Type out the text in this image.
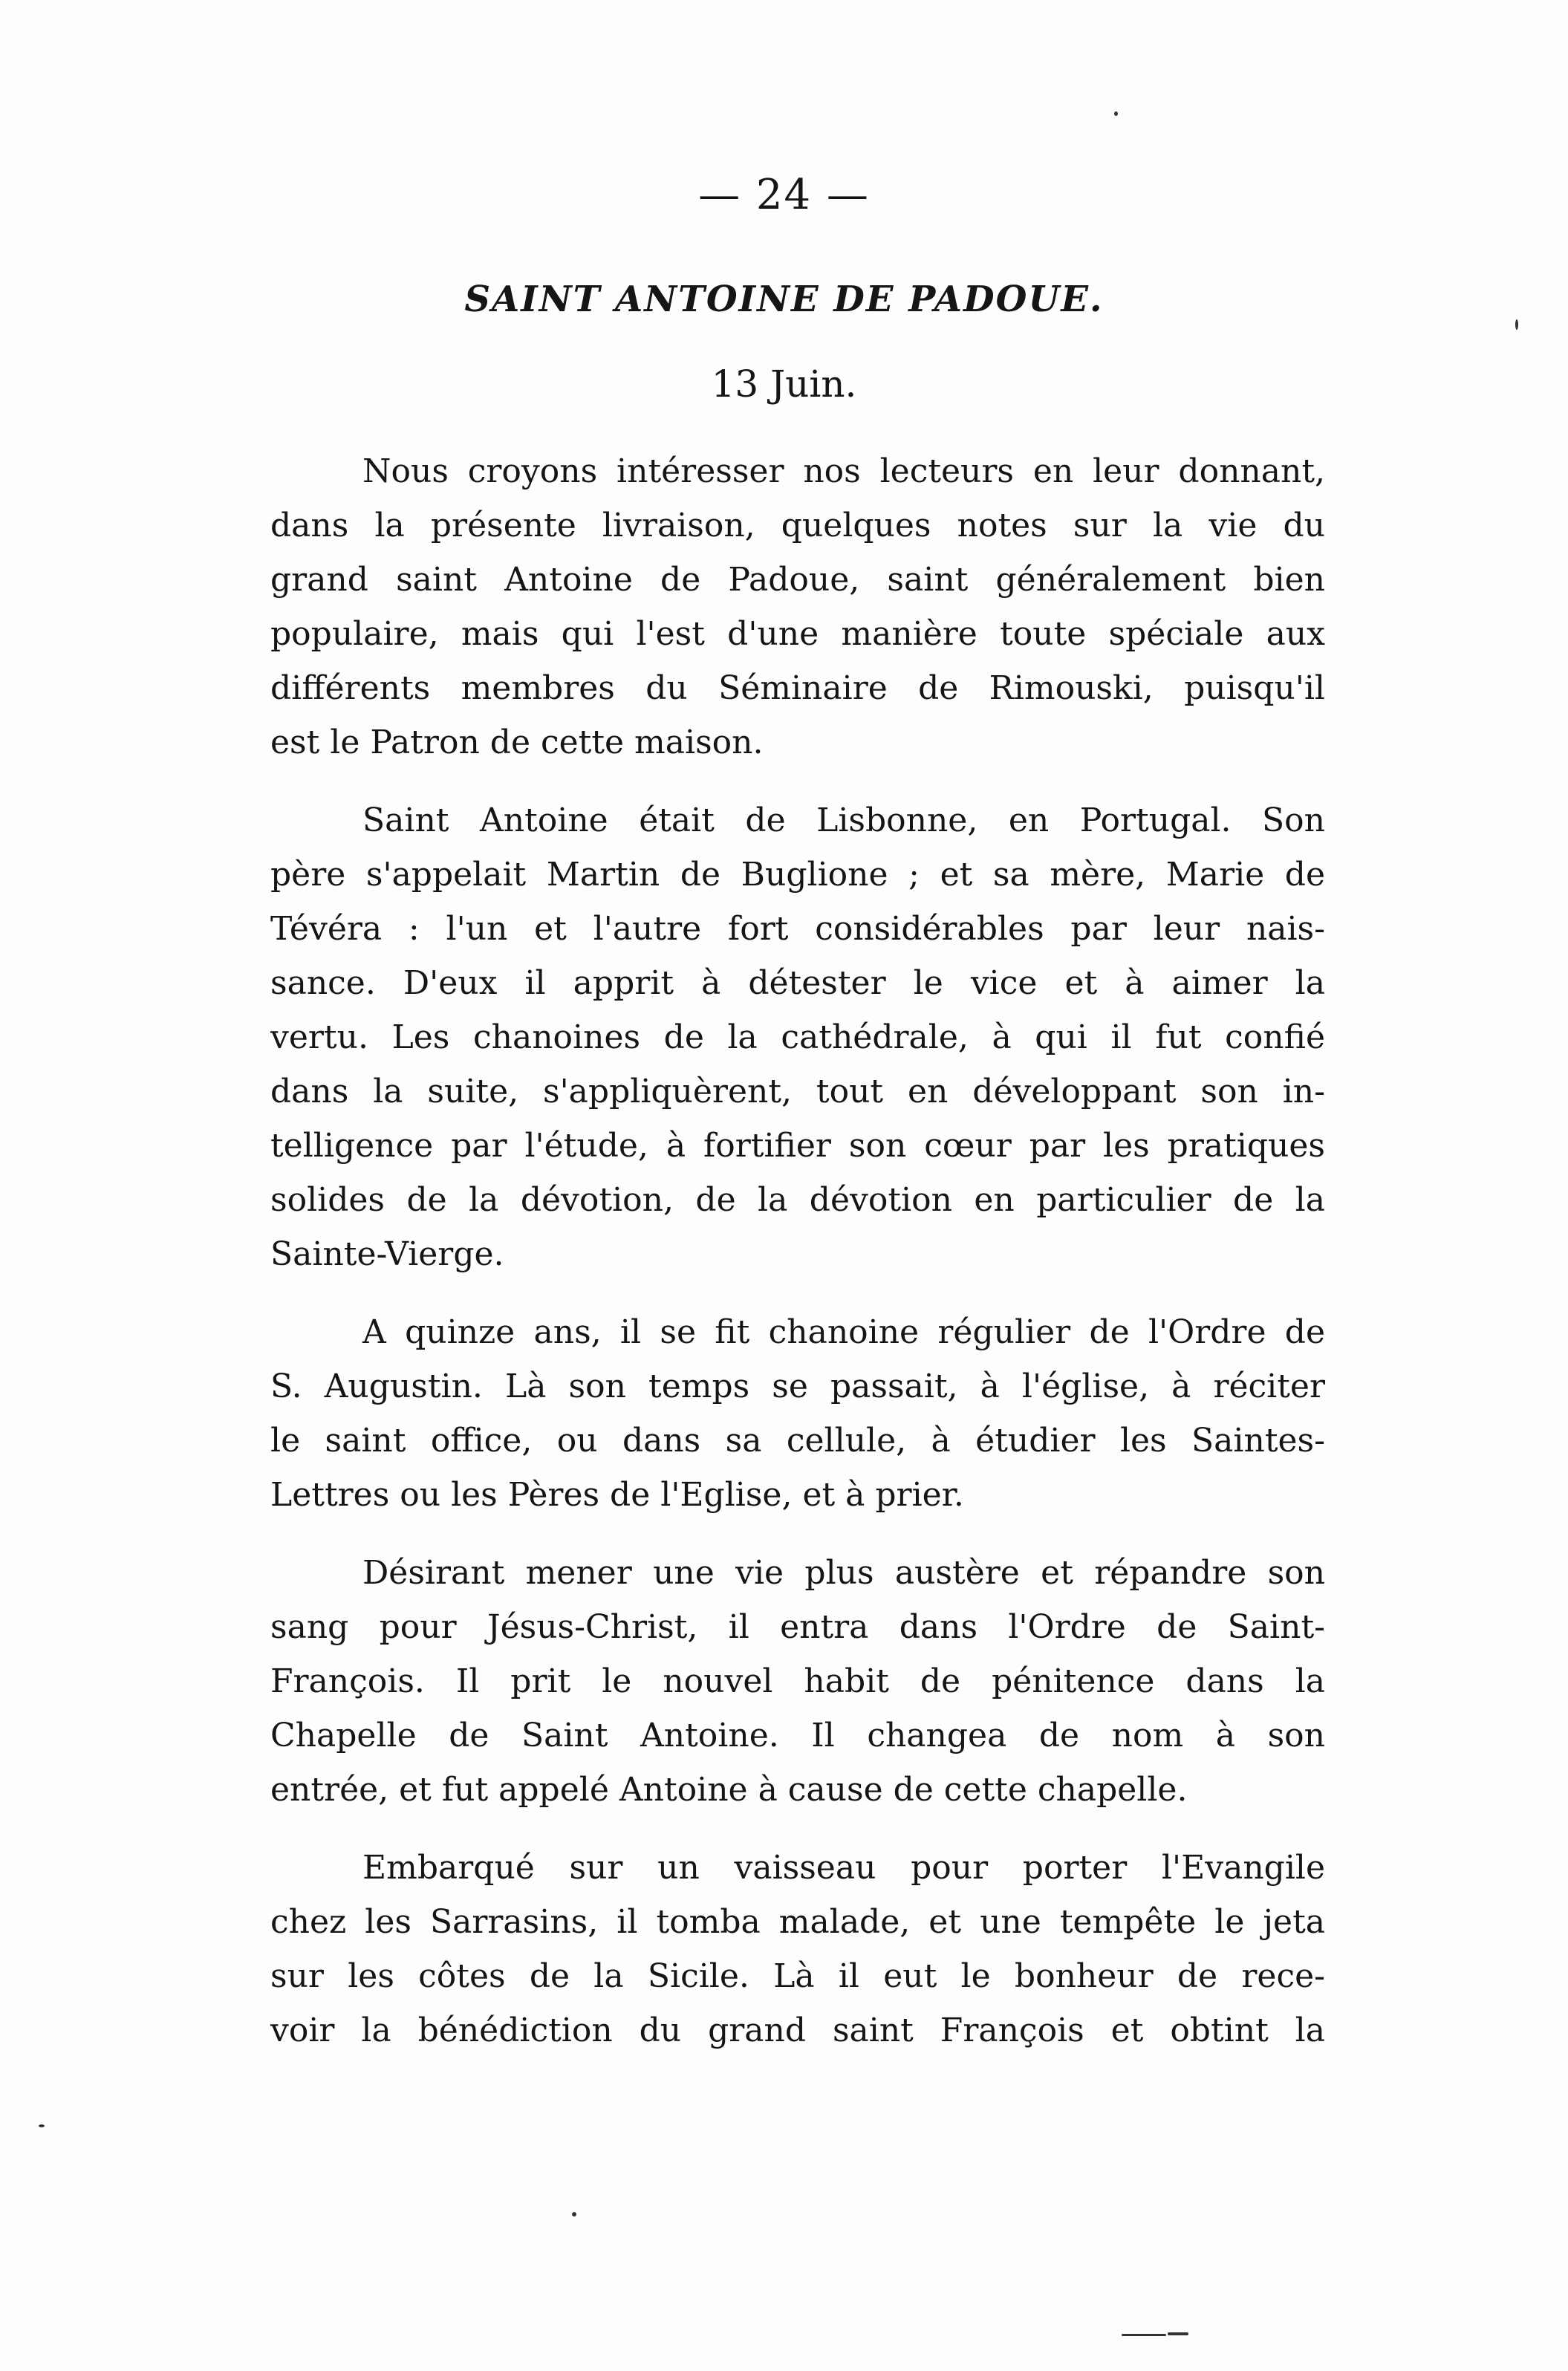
— 24 —
SAINT ANTOINE DE PADOUE.
13 Juin.

Nous croyons intéresser nos lecteurs en leur donnant,
dans la présente livraison, quelques notes sur la vie du
grand saint Antoine de Padoue, saint généralement bien
populaire, mais qui l'est d'une manière toute spéciale aux
différents membres du Séminaire de Rimouski, puisqu'il
est le Patron de cette maison.

Saint Antoine était de Lisbonne, en Portugal. Son
père s'appelait Martin de Buglione ; et sa mère, Marie de
Tévéra : l'un et l'autre fort considérables par leur nais-
sance. D'eux il apprit à détester le vice et à aimer la
vertu. Les chanoines de la cathédrale, à qui il fut confié
dans la suite, s'appliquèrent, tout en développant son in-
telligence par l'étude, à fortifier son cœur par les pratiques
solides de la dévotion, de la dévotion en particulier de la
Sainte-Vierge.

A quinze ans, il se fit chanoine régulier de l'Ordre de
S. Augustin. Là son temps se passait, à l'église, à réciter
le saint office, ou dans sa cellule, à étudier les Saintes-
Lettres ou les Pères de l'Eglise, et à prier.

Désirant mener une vie plus austère et répandre son
sang pour Jésus-Christ, il entra dans l'Ordre de Saint-
François. Il prit le nouvel habit de pénitence dans la
Chapelle de Saint Antoine. Il changea de nom à son
entrée, et fut appelé Antoine à cause de cette chapelle.

Embarqué sur un vaisseau pour porter l'Evangile
chez les Sarrasins, il tomba malade, et une tempête le jeta
sur les côtes de la Sicile. Là il eut le bonheur de rece-
voir la bénédiction du grand saint François et obtint la
